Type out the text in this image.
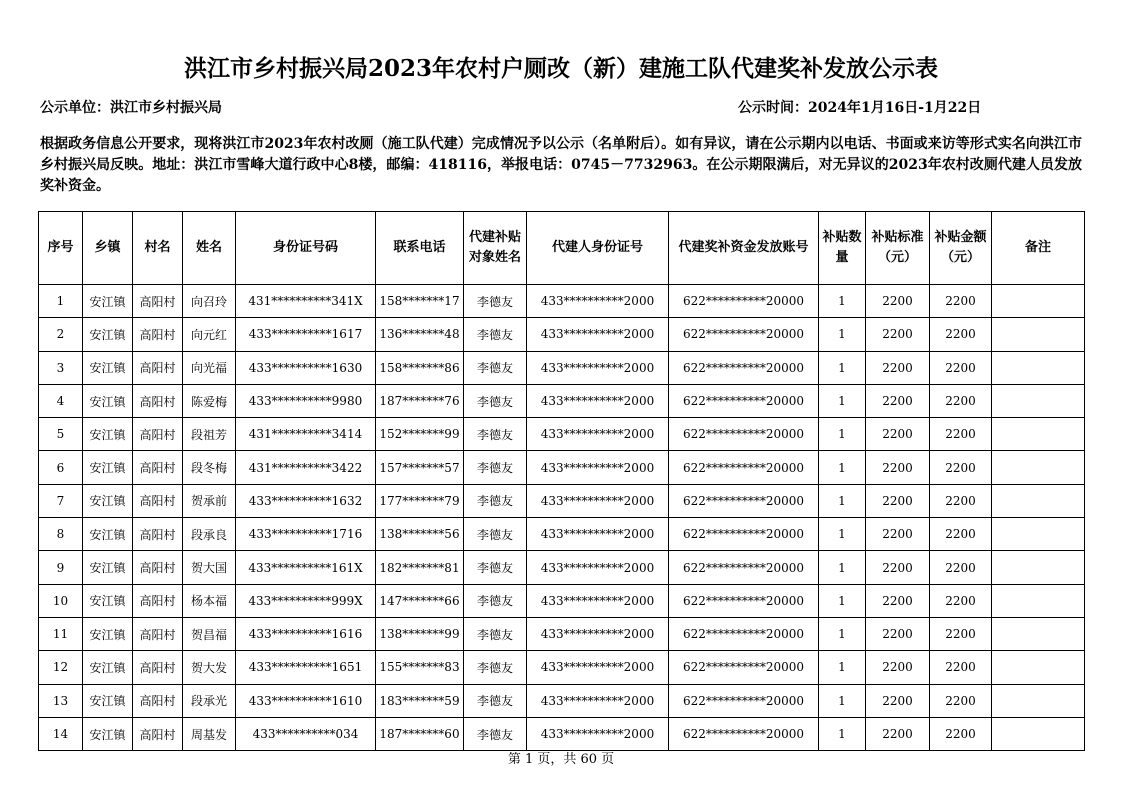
洪江市乡村振兴局2023年农村户厕改（新）建施工队代建奖补发放公示表
公示单位：洪江市乡村振兴局	公示时间：2024年1月16日-1月22日
根据政务信息公开要求，现将洪江市2023年农村改厕（施工队代建）完成情况予以公示（名单附后）。如有异议，请在公示期内以电话、书面或来访等形式实名向洪江市乡村振兴局反映。地址：洪江市雪峰大道行政中心8楼，邮编：418116，举报电话：0745－7732963。在公示期限满后，对无异议的2023年农村改厕代建人员发放奖补资金。
序号	乡镇	村名	姓名	身份证号码	联系电话	代建补贴对象姓名	代建人身份证号	代建奖补资金发放账号	补贴数量	补贴标准（元）	补贴金额（元）	备注
1	安江镇	高阳村	向召玲	431**********341X	158*******17	李德友	433**********2000	622**********20000	1	2200	2200	
2	安江镇	高阳村	向元红	433**********1617	136*******48	李德友	433**********2000	622**********20000	1	2200	2200	
3	安江镇	高阳村	向光福	433**********1630	158*******86	李德友	433**********2000	622**********20000	1	2200	2200	
4	安江镇	高阳村	陈爱梅	433**********9980	187*******76	李德友	433**********2000	622**********20000	1	2200	2200	
5	安江镇	高阳村	段祖芳	431**********3414	152*******99	李德友	433**********2000	622**********20000	1	2200	2200	
6	安江镇	高阳村	段冬梅	431**********3422	157*******57	李德友	433**********2000	622**********20000	1	2200	2200	
7	安江镇	高阳村	贺承前	433**********1632	177*******79	李德友	433**********2000	622**********20000	1	2200	2200	
8	安江镇	高阳村	段承良	433**********1716	138*******56	李德友	433**********2000	622**********20000	1	2200	2200	
9	安江镇	高阳村	贺大国	433**********161X	182*******81	李德友	433**********2000	622**********20000	1	2200	2200	
10	安江镇	高阳村	杨本福	433**********999X	147*******66	李德友	433**********2000	622**********20000	1	2200	2200	
11	安江镇	高阳村	贺昌福	433**********1616	138*******99	李德友	433**********2000	622**********20000	1	2200	2200	
12	安江镇	高阳村	贺大发	433**********1651	155*******83	李德友	433**********2000	622**********20000	1	2200	2200	
13	安江镇	高阳村	段承光	433**********1610	183*******59	李德友	433**********2000	622**********20000	1	2200	2200	
14	安江镇	高阳村	周基发	433**********034	187*******60	李德友	433**********2000	622**********20000	1	2200	2200	
第 1 页，共 60 页
